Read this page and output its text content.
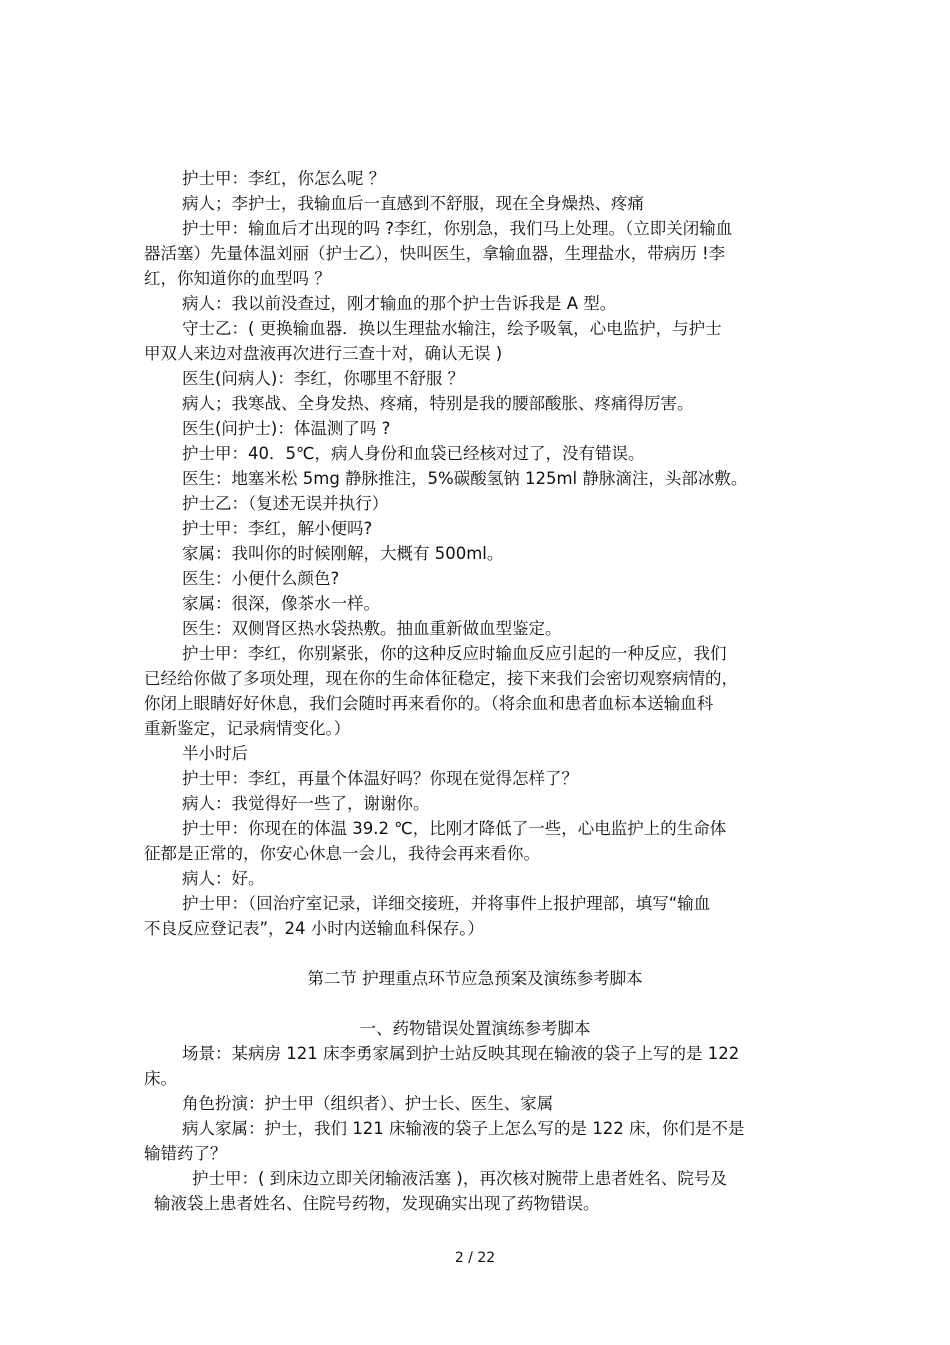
护士甲：李红，你怎么呢 ？
病人；李护士，我输血后一直感到不舒服，现在全身燥热、疼痛
护士甲：输血后才出现的吗 ?李红，你别急，我们马上处理。（立即关闭输血
器活塞）先量体温刘丽（护士乙），快叫医生，拿输血器，生理盐水，带病历 !李
红，你知道你的血型吗 ？
病人：我以前没查过，刚才输血的那个护士告诉我是 A 型。
守士乙：( 更换输血器．换以生理盐水输注，绘予吸氧，心电监护，与护士
甲双人来边对盘液再次进行三查十对，确认无误 )
医生(问病人)：李红，你哪里不舒服 ？
病人；我寒战、全身发热、疼痛，特别是我的腰部酸胀、疼痛得厉害。
医生(问护士)：体温测了吗 ?
护士甲：40．5℃，病人身份和血袋已经核对过了，没有错误。
医生：地塞米松 5mg 静脉推注，5%碳酸氢钠 125ml 静脉滴注，头部冰敷。
护士乙：（复述无误并执行）
护士甲：李红，解小便吗?
家属：我叫你的时候刚解，大概有 500ml。
医生：小便什么颜色?
家属：很深，像茶水一样。
医生：双侧肾区热水袋热敷。抽血重新做血型鉴定。
护士甲：李红，你别紧张，你的这种反应时输血反应引起的一种反应，我们
已经给你做了多项处理，现在你的生命体征稳定，接下来我们会密切观察病情的，
你闭上眼睛好好休息，我们会随时再来看你的。（将余血和患者血标本送输血科
重新鉴定，记录病情变化。）
半小时后
护士甲：李红，再量个体温好吗？你现在觉得怎样了？
病人：我觉得好一些了，谢谢你。
护士甲：你现在的体温 39.2 ℃，比刚才降低了一些，心电监护上的生命体
征都是正常的，你安心休息一会儿，我待会再来看你。
病人：好。
护士甲：（回治疗室记录，详细交接班，并将事件上报护理部，填写“输血
不良反应登记表”，24 小时内送输血科保存。）
第二节 护理重点环节应急预案及演练参考脚本
一、药物错误处置演练参考脚本
场景：某病房 121 床李勇家属到护士站反映其现在输液的袋子上写的是 122
床。
角色扮演：护士甲（组织者）、护士长、医生、家属
病人家属：护士，我们 121 床输液的袋子上怎么写的是 122 床，你们是不是
输错药了？
护士甲：( 到床边立即关闭输液活塞 )，再次核对腕带上患者姓名、院号及
输液袋上患者姓名、住院号药物，发现确实出现了药物错误。
2 / 22
